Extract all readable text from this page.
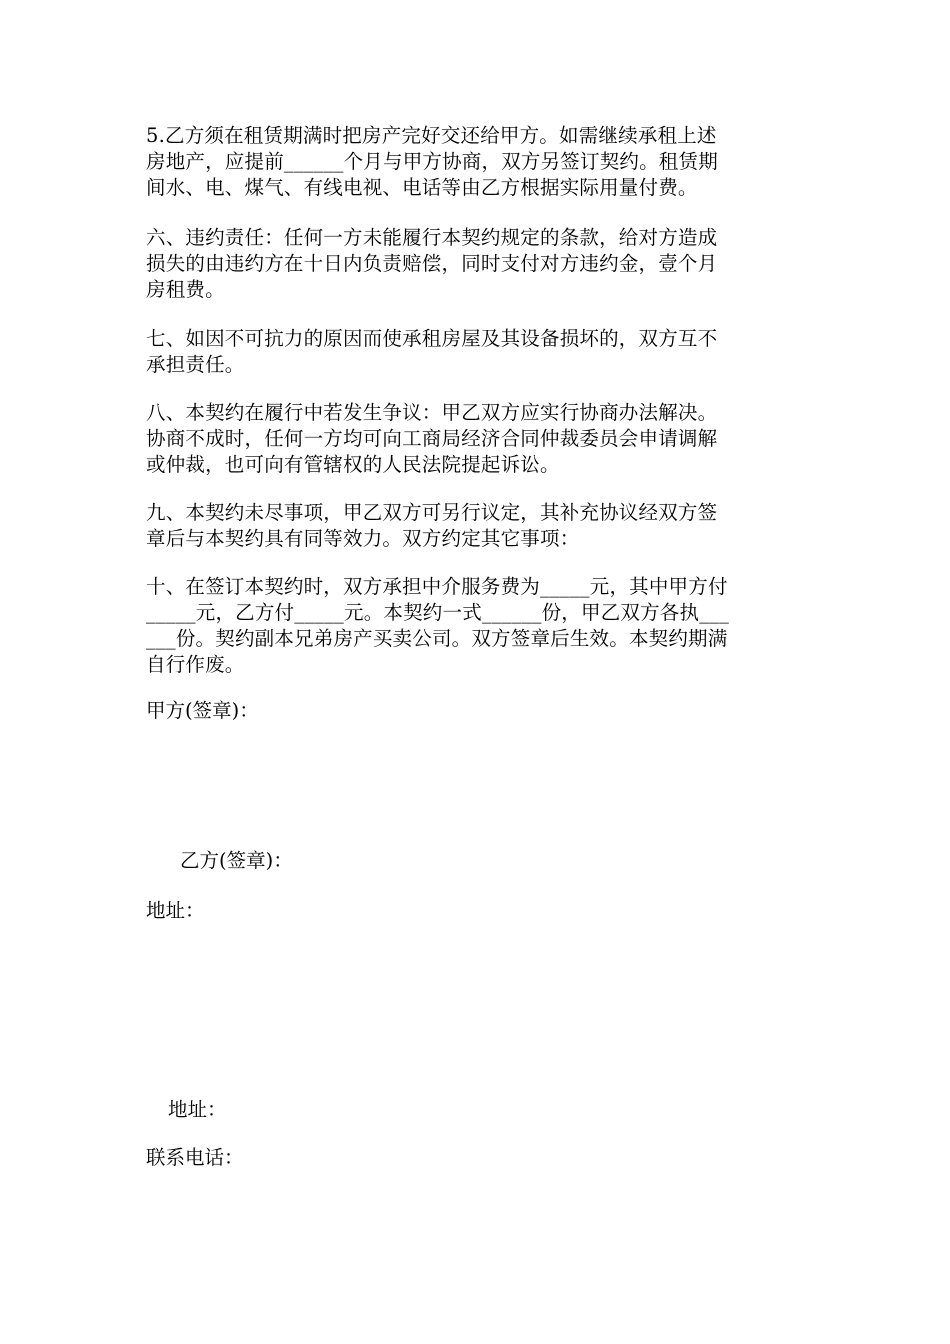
5.乙方须在租赁期满时把房产完好交还给甲方。如需继续承租上述
房地产，应提前______个月与甲方协商，双方另签订契约。租赁期
间水、电、煤气、有线电视、电话等由乙方根据实际用量付费。

六、违约责任：任何一方未能履行本契约规定的条款，给对方造成
损失的由违约方在十日内负责赔偿，同时支付对方违约金，壹个月
房租费。

七、如因不可抗力的原因而使承租房屋及其设备损坏的，双方互不
承担责任。

八、本契约在履行中若发生争议：甲乙双方应实行协商办法解决。
协商不成时，任何一方均可向工商局经济合同仲裁委员会申请调解
或仲裁，也可向有管辖权的人民法院提起诉讼。

九、本契约未尽事项，甲乙双方可另行议定，其补充协议经双方签
章后与本契约具有同等效力。双方约定其它事项：

十、在签订本契约时，双方承担中介服务费为_____元，其中甲方付
_____元，乙方付_____元。本契约一式______份，甲乙双方各执___
___份。契约副本兄弟房产买卖公司。双方签章后生效。本契约期满
自行作废。

甲方(签章)：

乙方(签章)：

地址：

地址：

联系电话：
